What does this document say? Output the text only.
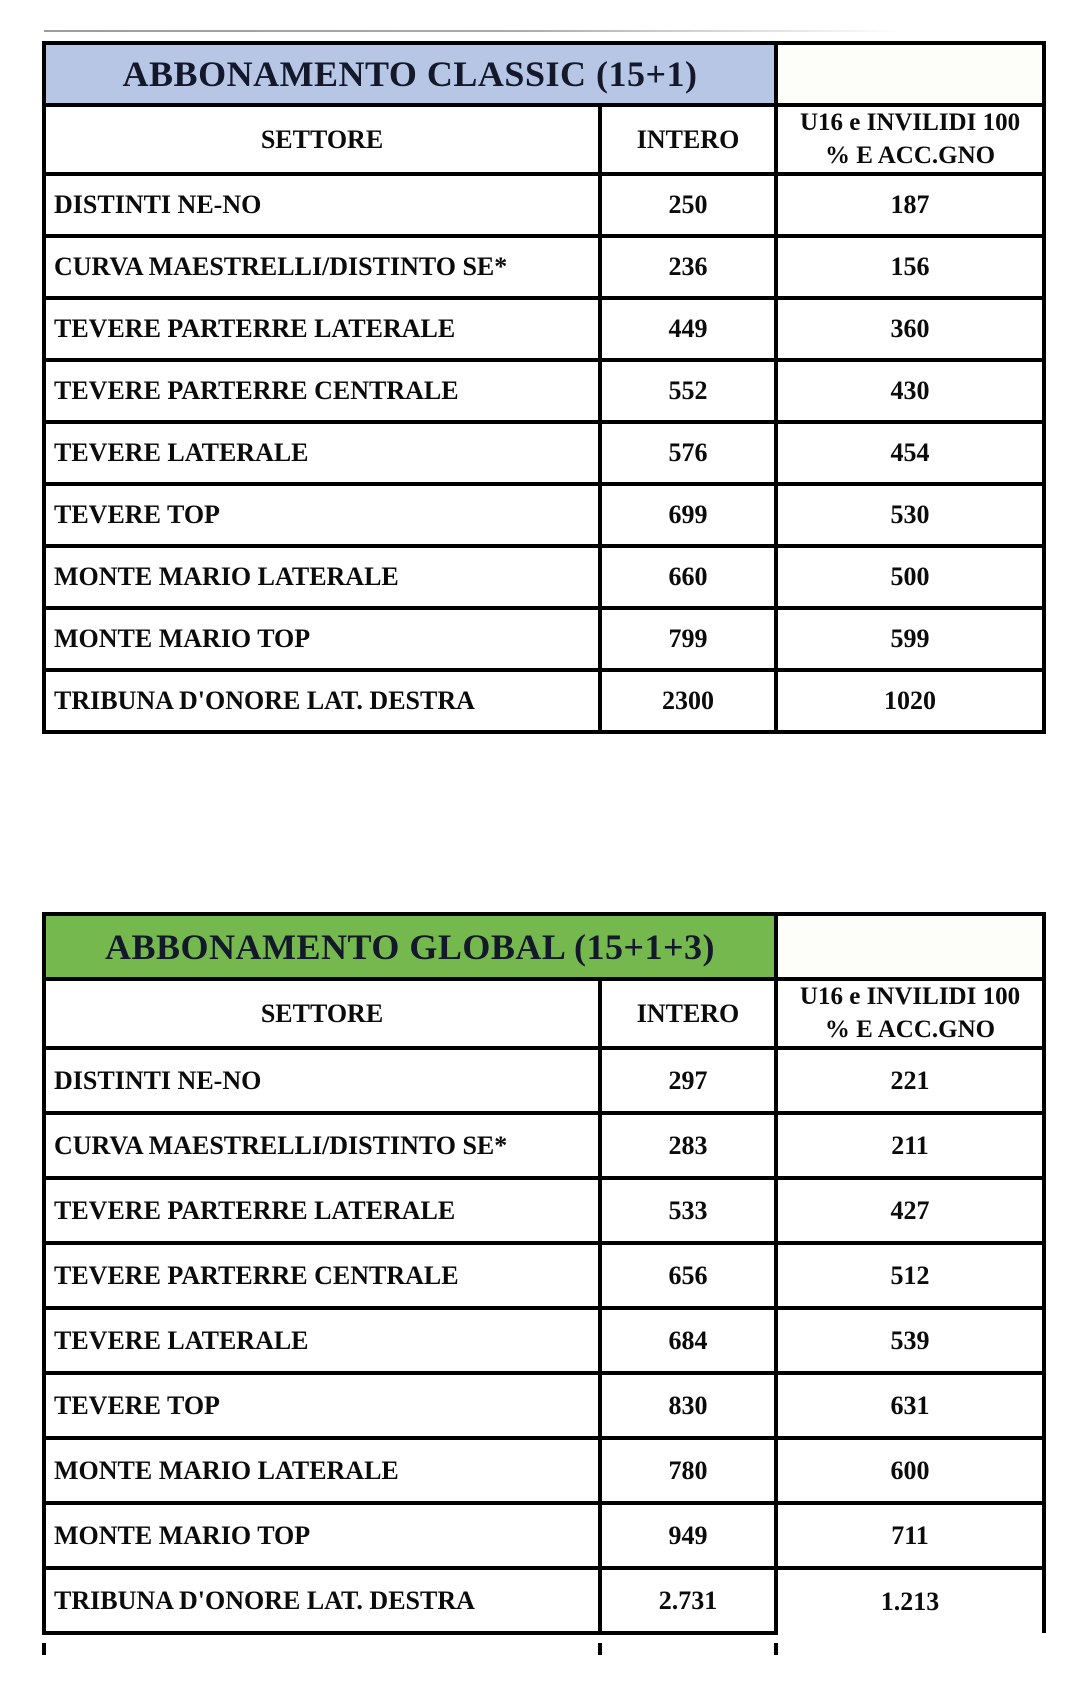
ABBONAMENTO CLASSIC (15+1)		
SETTORE	INTERO	U16 e INVILIDI 100
% E ACC.GNO

DISTINTI NE-NO	250	187
CURVA MAESTRELLI/DISTINTO SE*	236	156
TEVERE PARTERRE LATERALE	449	360
TEVERE PARTERRE CENTRALE	552	430
TEVERE LATERALE	576	454
TEVERE TOP	699	530
MONTE MARIO LATERALE	660	500
MONTE MARIO TOP	799	599
TRIBUNA D'ONORE LAT. DESTRA	2300	1020
ABBONAMENTO GLOBAL (15+1+3)		
SETTORE	INTERO	U16 e INVILIDI 100
% E ACC.GNO

DISTINTI NE-NO	297	221
CURVA MAESTRELLI/DISTINTO SE*	283	211
TEVERE PARTERRE LATERALE	533	427
TEVERE PARTERRE CENTRALE	656	512
TEVERE LATERALE	684	539
TEVERE TOP	830	631
MONTE MARIO LATERALE	780	600
MONTE MARIO TOP	949	711
TRIBUNA D'ONORE LAT. DESTRA	2.731	1.213
